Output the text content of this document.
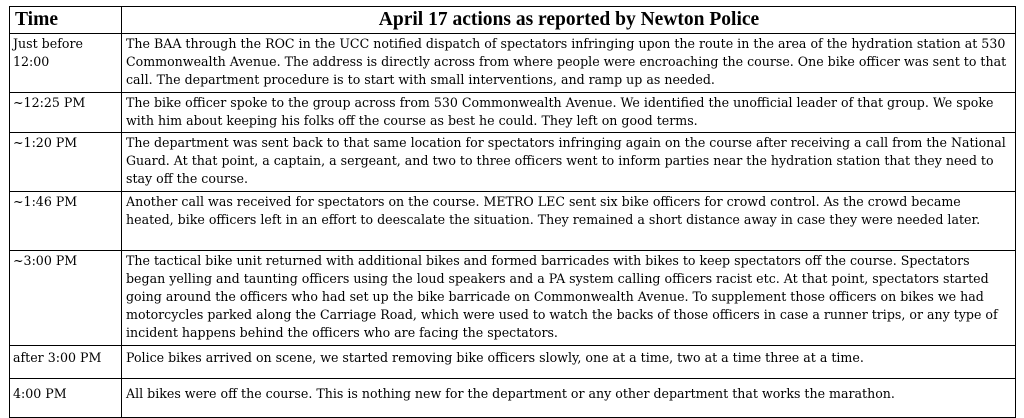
Time	April 17 actions as reported by Newton Police
Just before 12:00	The BAA through the ROC in the UCC notified dispatch of spectators infringing upon the route in the area of the hydration station at 530 Commonwealth Avenue. The address is directly across from where people were encroaching the course. One bike officer was sent to that call. The department procedure is to start with small interventions, and ramp up as needed.
~12:25 PM	The bike officer spoke to the group across from 530 Commonwealth Avenue. We identified the unofficial leader of that group. We spoke with him about keeping his folks off the course as best he could. They left on good terms.
~1:20 PM	The department was sent back to that same location for spectators infringing again on the course after receiving a call from the National Guard. At that point, a captain, a sergeant, and two to three officers went to inform parties near the hydration station that they need to stay off the course.
~1:46 PM	Another call was received for spectators on the course. METRO LEC sent six bike officers for crowd control. As the crowd became heated, bike officers left in an effort to deescalate the situation. They remained a short distance away in case they were needed later.
~3:00 PM	The tactical bike unit returned with additional bikes and formed barricades with bikes to keep spectators off the course. Spectators began yelling and taunting officers using the loud speakers and a PA system calling officers racist etc. At that point, spectators started going around the officers who had set up the bike barricade on Commonwealth Avenue. To supplement those officers on bikes we had motorcycles parked along the Carriage Road, which were used to watch the backs of those officers in case a runner trips, or any type of incident happens behind the officers who are facing the spectators.
after 3:00 PM	Police bikes arrived on scene, we started removing bike officers slowly, one at a time, two at a time three at a time.
4:00 PM	All bikes were off the course. This is nothing new for the department or any other department that works the marathon.
